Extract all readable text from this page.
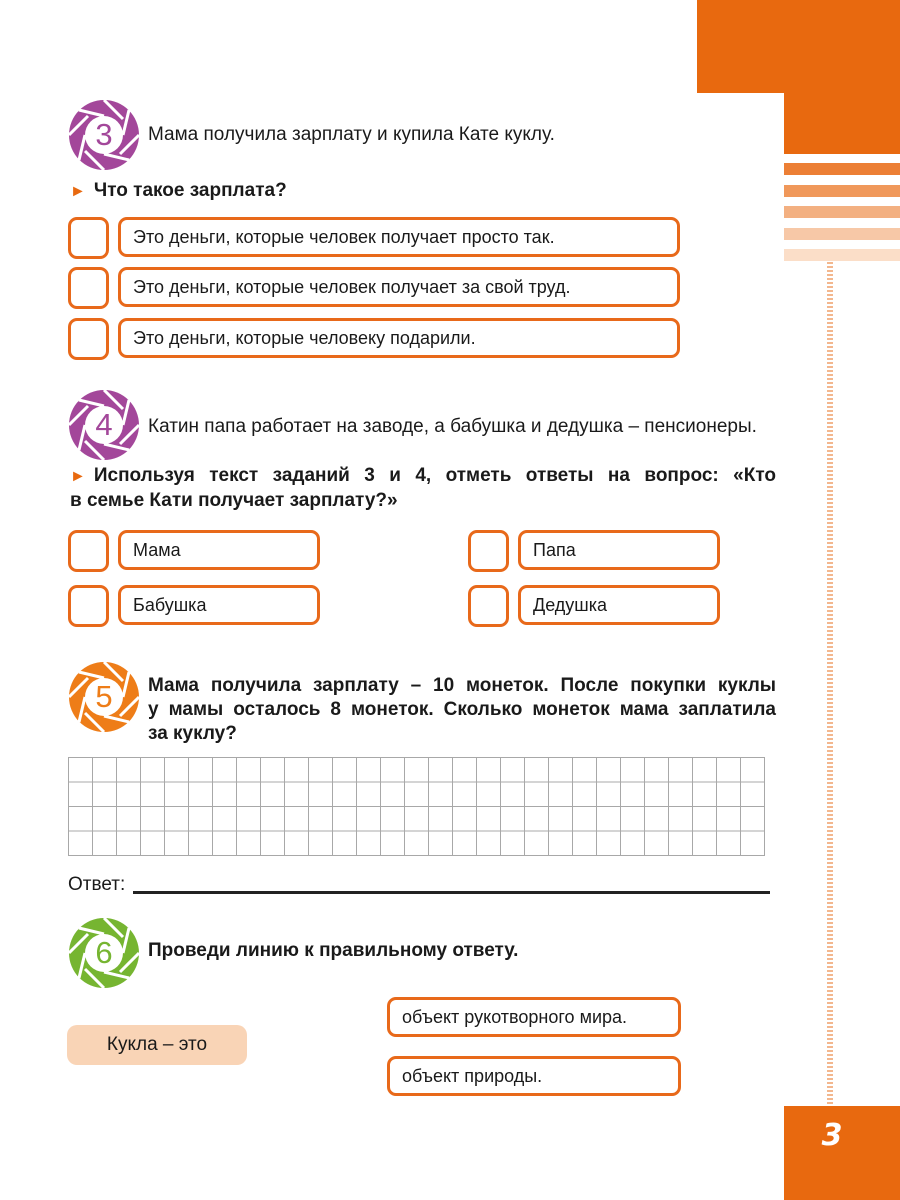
3
3	Мама получила зарплату и купила Кате куклу.
► Что такое зарплата?
Это деньги, которые человек получает просто так.
Это деньги, которые человек получает за свой труд.
Это деньги, которые человеку подарили.
4	Катин папа работает на заводе, а бабушка и дедушка – пенсионеры.
► Используя текст заданий 3 и 4, отметь ответы на вопрос: «Кто
в семье Кати получает зарплату?»
Мама	Папа
Бабушка	Дедушка
5	Мама получила зарплату – 10 монеток. После покупки куклы
у мамы осталось 8 монеток. Сколько монеток мама заплатила
за куклу?
Ответ:
6	Проведи линию к правильному ответу.
Кукла – это
объект рукотворного мира.
объект природы.
